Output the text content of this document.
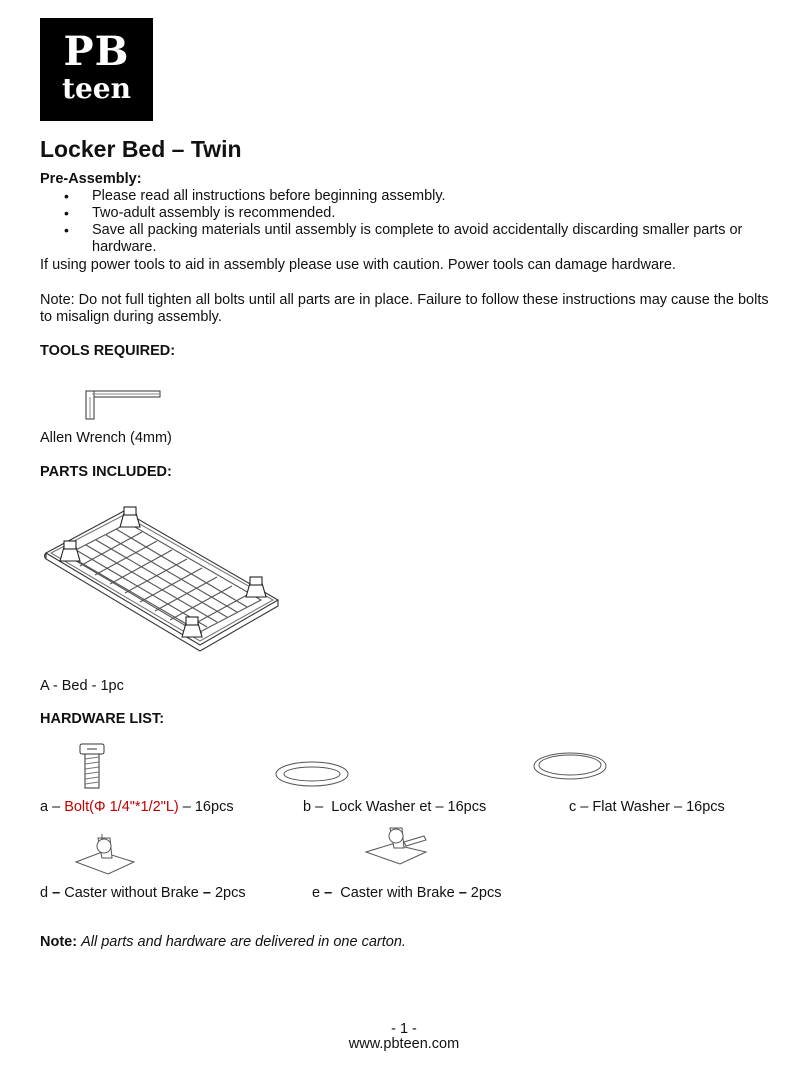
PB
teen
Locker Bed – Twin
Pre-Assembly:
• Please read all instructions before beginning assembly.
• Two-adult assembly is recommended.
• Save all packing materials until assembly is complete to avoid accidentally discarding smaller parts or hardware.
If using power tools to aid in assembly please use with caution. Power tools can damage hardware.
Note: Do not full tighten all bolts until all parts are in place. Failure to follow these instructions may cause the bolts to misalign during assembly.
TOOLS REQUIRED:
Allen Wrench (4mm)
PARTS INCLUDED:
A - Bed - 1pc
HARDWARE LIST:
a – Bolt(Φ 1/4"*1/2"L) – 16pcs	b –  Lock Washer et – 16pcs	c – Flat Washer – 16pcs
d – Caster without Brake – 2pcs	e –  Caster with Brake – 2pcs
Note: All parts and hardware are delivered in one carton.
- 1 -
www.pbteen.com
